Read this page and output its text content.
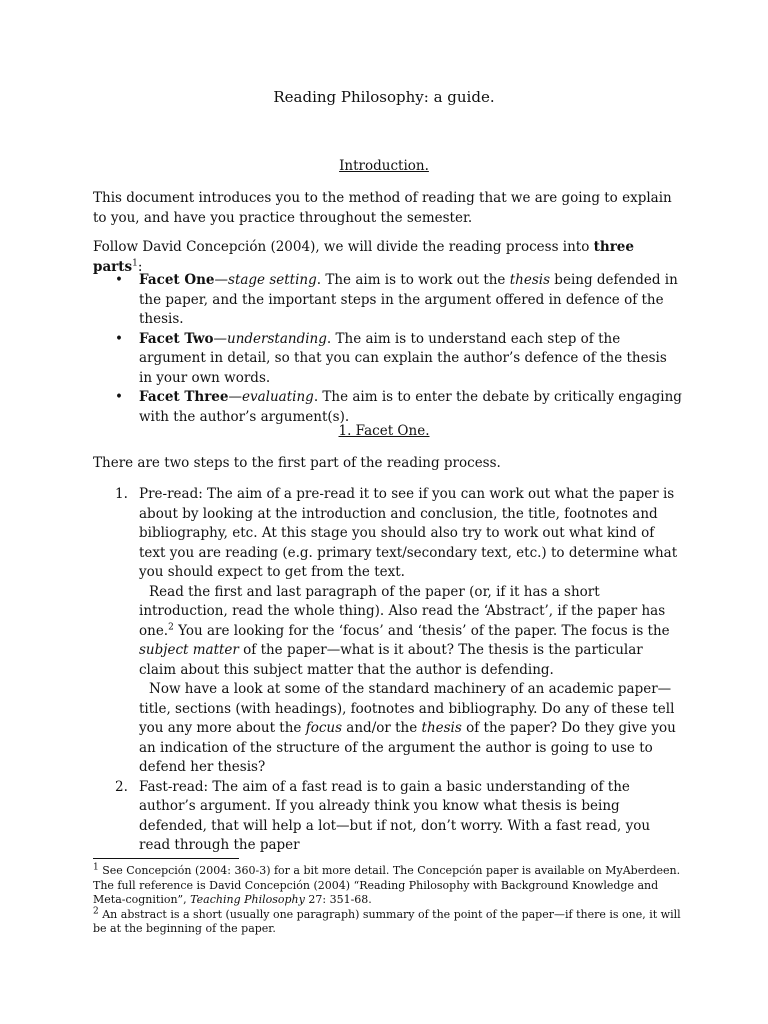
Reading Philosophy: a guide.
Introduction.

This document introduces you to the method of reading that we are going to explain to you, and have you practice throughout the semester.

Follow David Concepción (2004), we will divide the reading process into three parts$^1$:

• Facet One—stage setting. The aim is to work out the thesis being defended in the paper, and the important steps in the argument offered in defence of the thesis.
• Facet Two—understanding. The aim is to understand each step of the argument in detail, so that you can explain the author’s defence of the thesis in your own words.
• Facet Three—evaluating. The aim is to enter the debate by critically engaging with the author’s argument(s).
1. Facet One.

There are two steps to the first part of the reading process.

1. Pre-read: The aim of a pre-read it to see if you can work out what the paper is about by looking at the introduction and conclusion, the title, footnotes and bibliography, etc. At this stage you should also try to work out what kind of text you are reading (e.g. primary text/secondary text, etc.) to determine what you should expect to get from the text.
Read the first and last paragraph of the paper (or, if it has a short introduction, read the whole thing). Also read the ‘Abstract’, if the paper has one.$^2$ You are looking for the ‘focus’ and ‘thesis’ of the paper. The focus is the subject matter of the paper—what is it about? The thesis is the particular claim about this subject matter that the author is defending.
Now have a look at some of the standard machinery of an academic paper—title, sections (with headings), footnotes and bibliography. Do any of these tell you any more about the focus and/or the thesis of the paper? Do they give you an indication of the structure of the argument the author is going to use to defend her thesis?
2. Fast-read: The aim of a fast read is to gain a basic understanding of the author’s argument. If you already think you know what thesis is being defended, that will help a lot—but if not, don’t worry. With a fast read, you read through the paper

$^1$ See Concepción (2004: 360-3) for a bit more detail. The Concepción paper is available on MyAberdeen. The full reference is David Concepción (2004) “Reading Philosophy with Background Knowledge and Meta-cognition”, Teaching Philosophy 27: 351-68.

$^2$ An abstract is a short (usually one paragraph) summary of the point of the paper—if there is one, it will be at the beginning of the paper.
